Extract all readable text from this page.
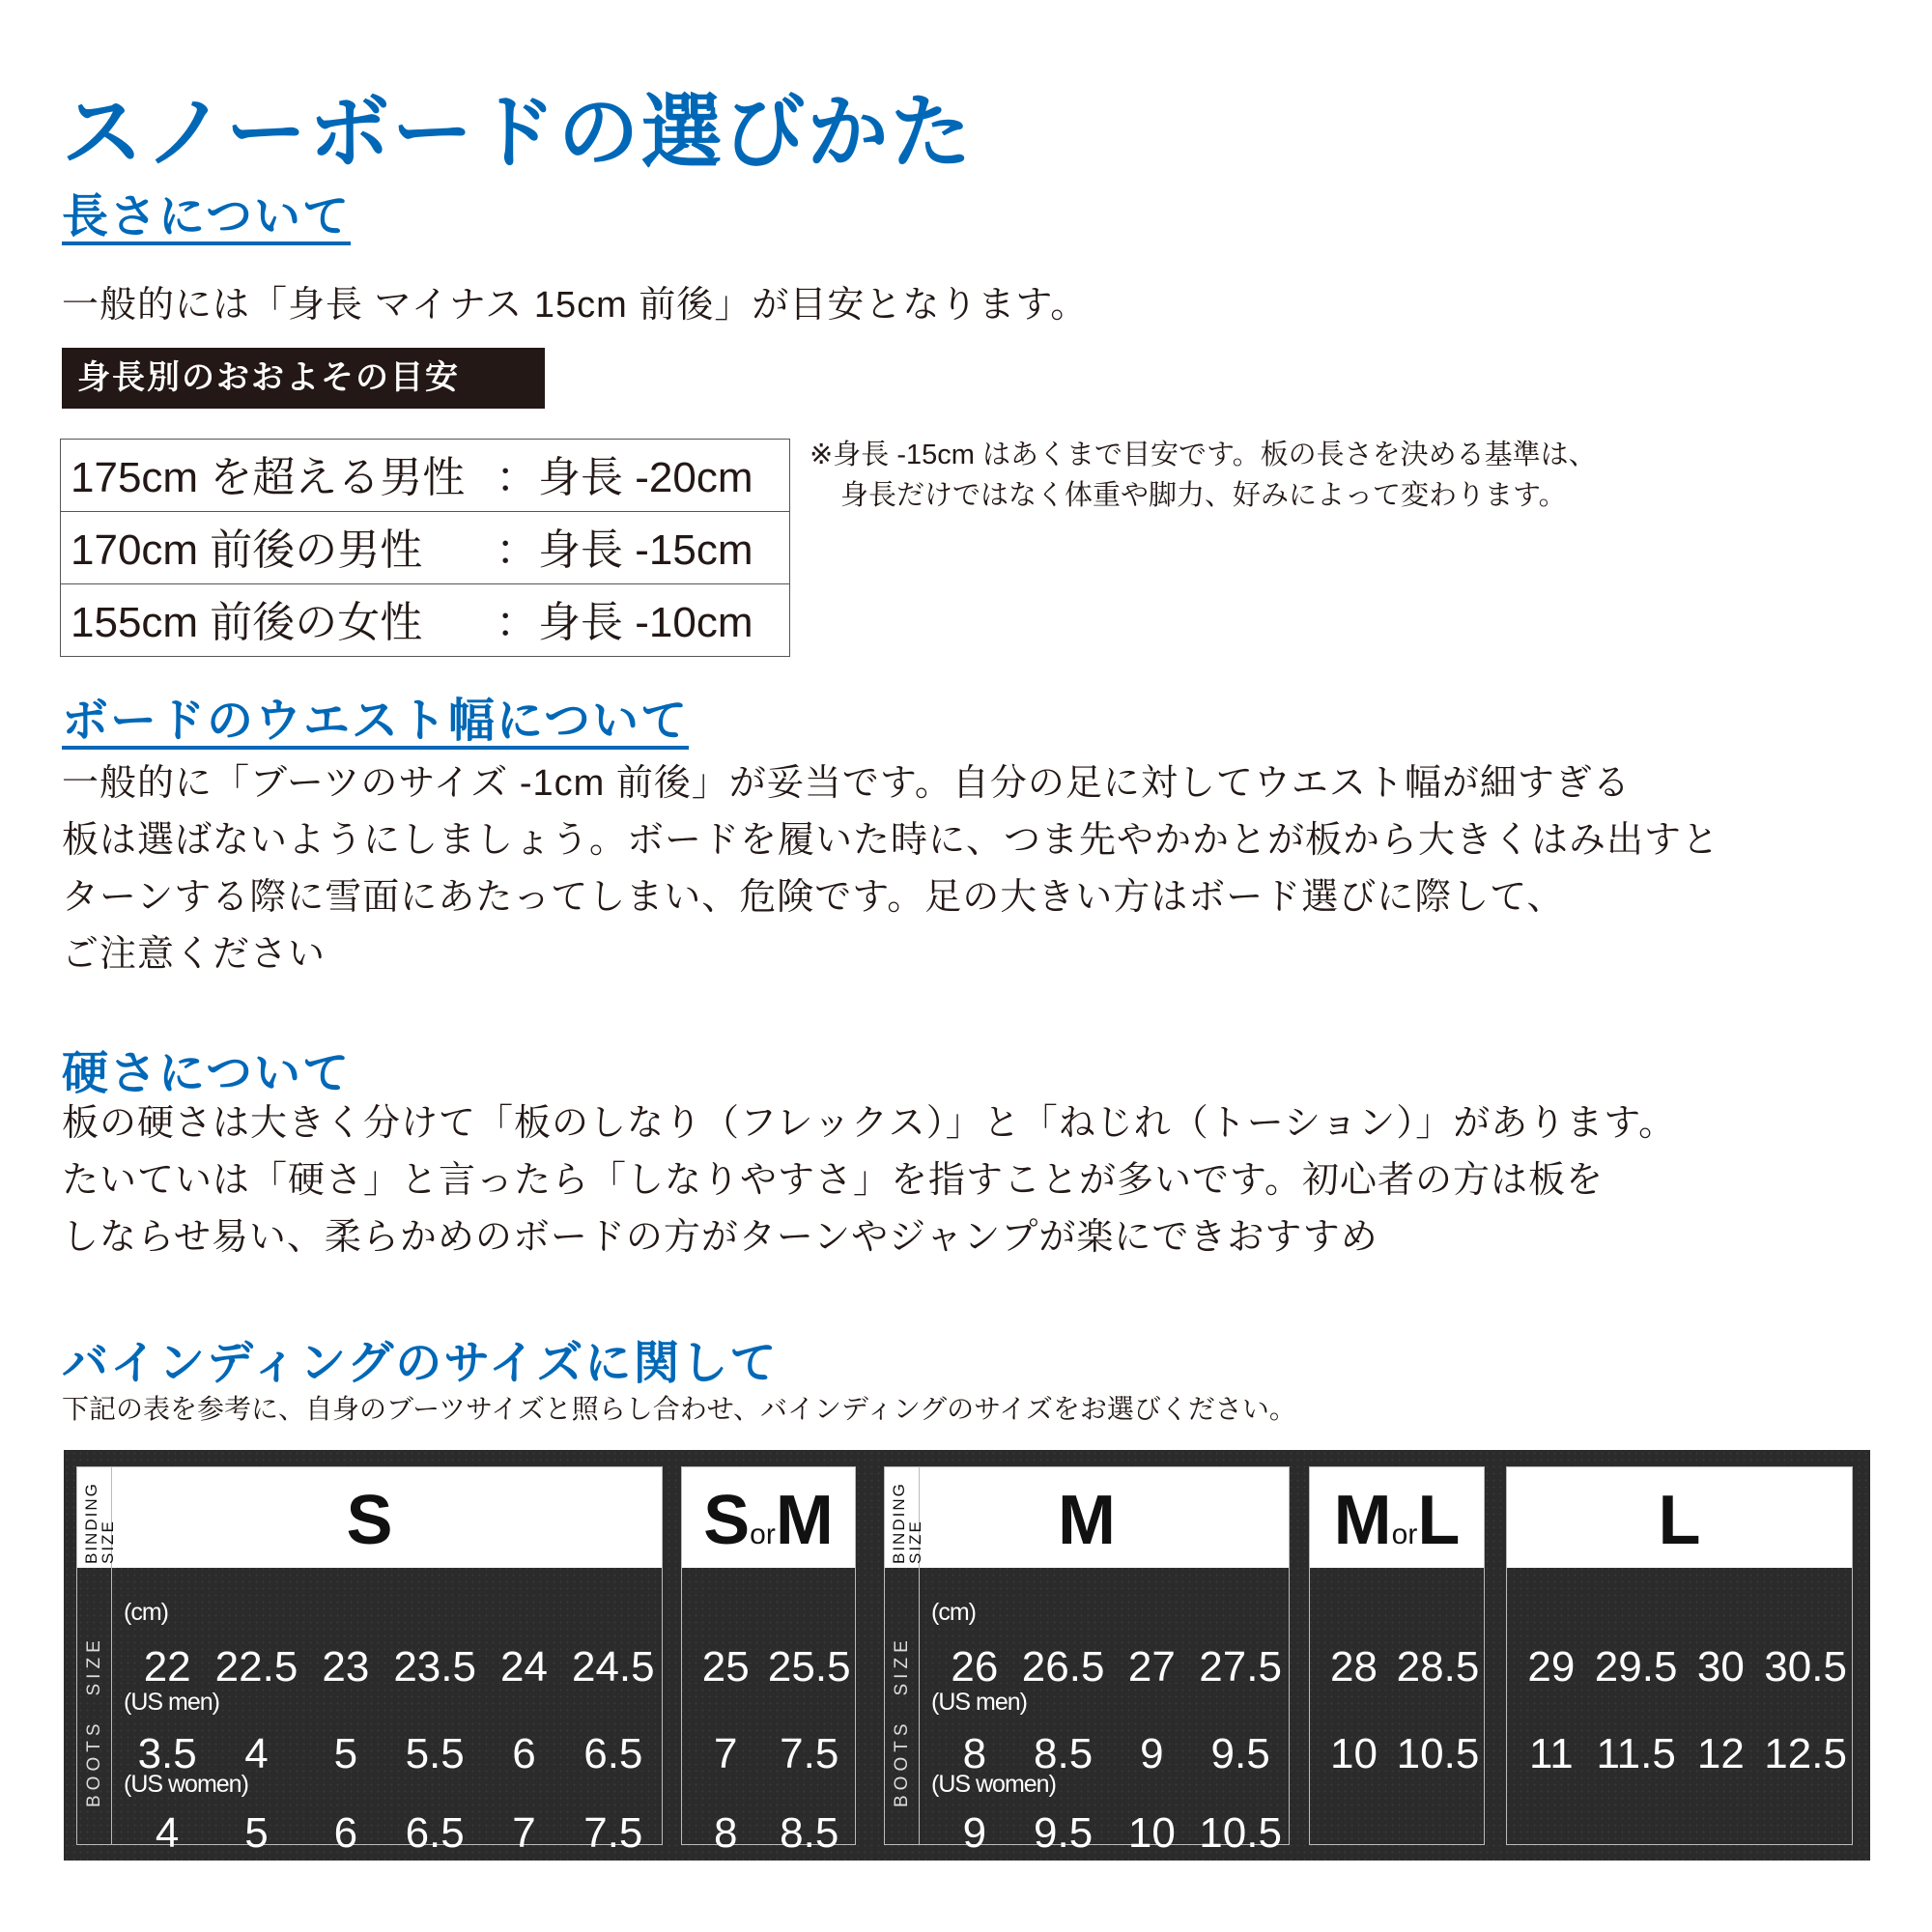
スノーボードの選びかた
長さについて
一般的には「身長 マイナス 15cm 前後」が目安となります。
身長別のおおよその目安
175cm を超える男性 ：身長 -20cm
170cm 前後の男性 ：身長 -15cm
155cm 前後の女性 ：身長 -10cm
※身長 -15cm はあくまで目安です。板の長さを決める基準は、
身長だけではなく体重や脚力、好みによって変わります。
ボードのウエスト幅について
一般的に「ブーツのサイズ -1cm 前後」が妥当です。自分の足に対してウエスト幅が細すぎる
板は選ばないようにしましょう。ボードを履いた時に、つま先やかかとが板から大きくはみ出すと
ターンする際に雪面にあたってしまい、危険です。足の大きい方はボード選びに際して、
ご注意ください
硬さについて
板の硬さは大きく分けて「板のしなり（フレックス）」と「ねじれ（トーション）」があります。
たいていは「硬さ」と言ったら「しなりやすさ」を指すことが多いです。初心者の方は板を
しならせ易い、柔らかめのボードの方がターンやジャンプが楽にできおすすめ
バインディングのサイズに関して
下記の表を参考に、自身のブーツサイズと照らし合わせ、バインディングのサイズをお選びください。
S
BINDING
SIZE
BOOTS　SIZE
(cm)
(US men)
(US women)
22 22.5 23 23.5 24 24.5
3.5	4	5	5.5	6	6.5
4	5	6	6.5	7	7.5
SorM
25 25.5
7 7.5
8 8.5
M
BINDING
SIZE
BOOTS　SIZE
(cm)
(US men)
(US women)
26 26.5 27 27.5
8	8.5	9	9.5
9	9.5 10 10.5
MorL
28 28.5
10 10.5
L
29 29.5 30 30.5
11 11.5 12 12.5
